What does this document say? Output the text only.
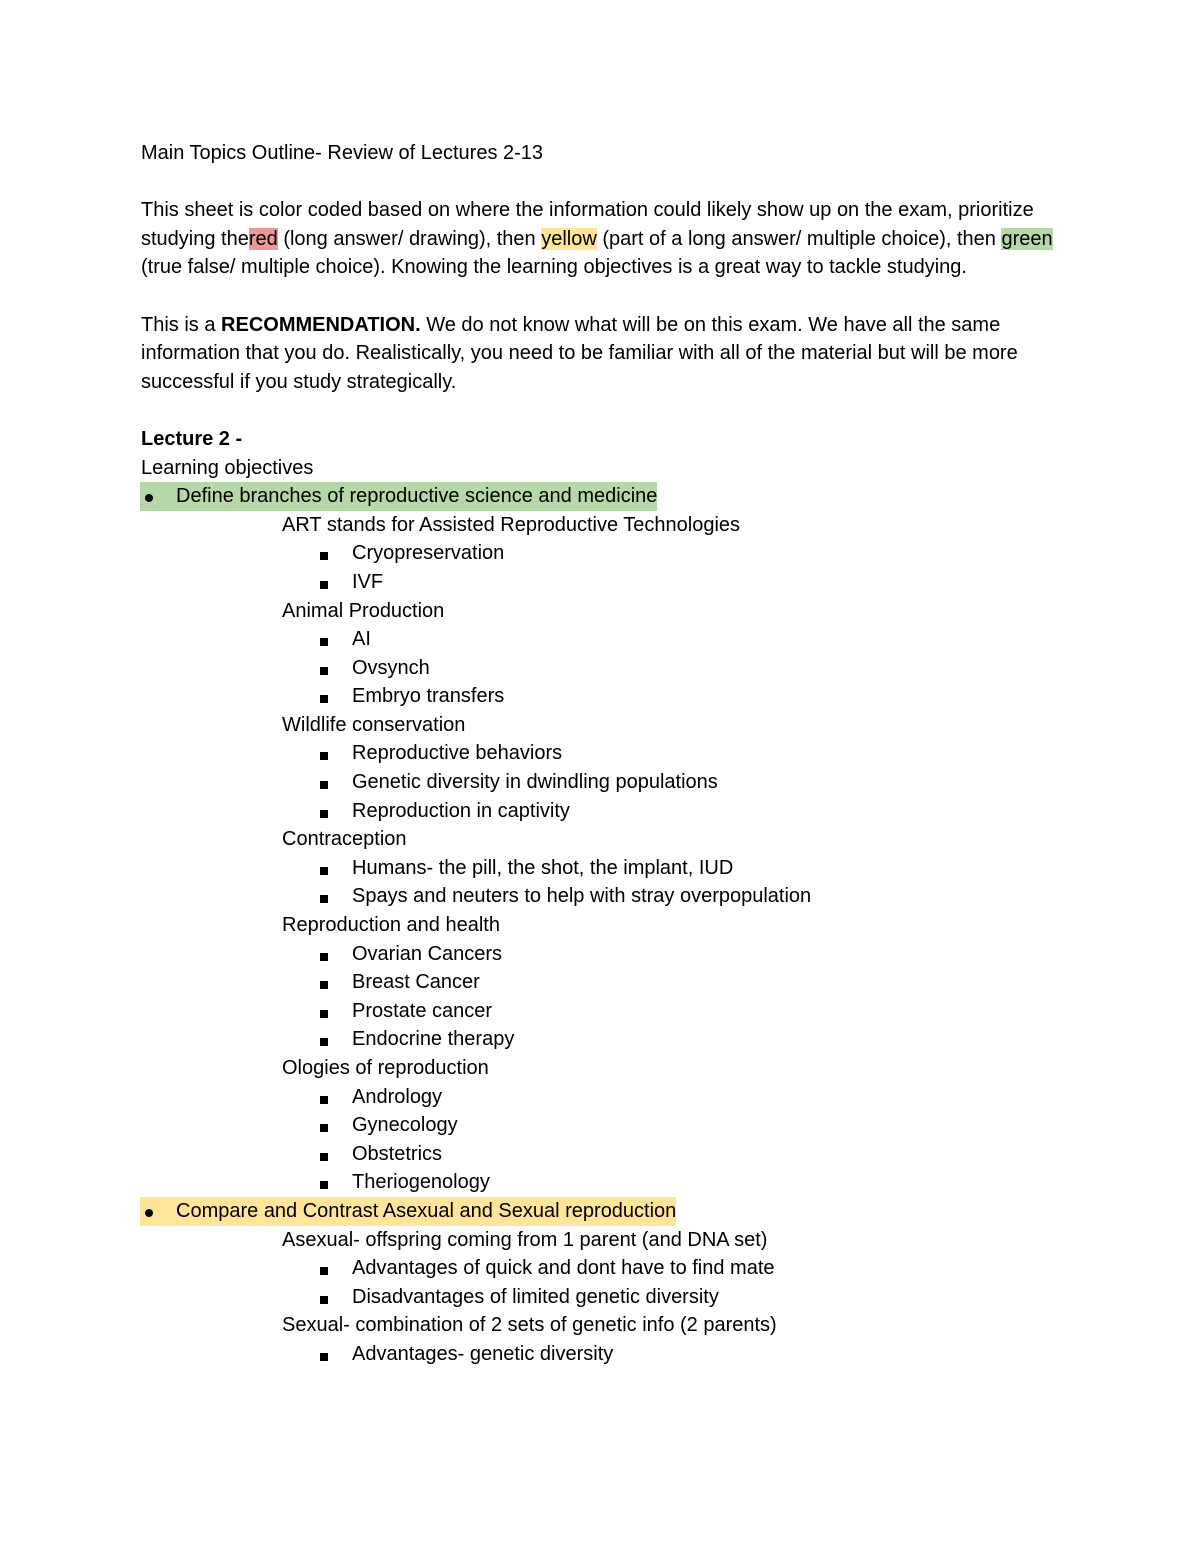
Main Topics Outline- Review of Lectures 2-13

This sheet is color coded based on where the information could likely show up on the exam, prioritize studying thered (long answer/ drawing), then yellow (part of a long answer/ multiple choice), then green (true false/ multiple choice). Knowing the learning objectives is a great way to tackle studying.

This is a RECOMMENDATION. We do not know what will be on this exam. We have all the same information that you do. Realistically, you need to be familiar with all of the material but will be more successful if you study strategically.

Lecture 2 -

Learning objectives

Define branches of reproductive science and medicine
ART stands for Assisted Reproductive Technologies
Cryopreservation
IVF
Animal Production
AI
Ovsynch
Embryo transfers
Wildlife conservation
Reproductive behaviors
Genetic diversity in dwindling populations
Reproduction in captivity
Contraception
Humans- the pill, the shot, the implant, IUD
Spays and neuters to help with stray overpopulation
Reproduction and health
Ovarian Cancers
Breast Cancer
Prostate cancer
Endocrine therapy
Ologies of reproduction
Andrology
Gynecology
Obstetrics
Theriogenology
Compare and Contrast Asexual and Sexual reproduction
Asexual- offspring coming from 1 parent (and DNA set)
Advantages of quick and dont have to find mate
Disadvantages of limited genetic diversity
Sexual- combination of 2 sets of genetic info (2 parents)
Advantages- genetic diversity
